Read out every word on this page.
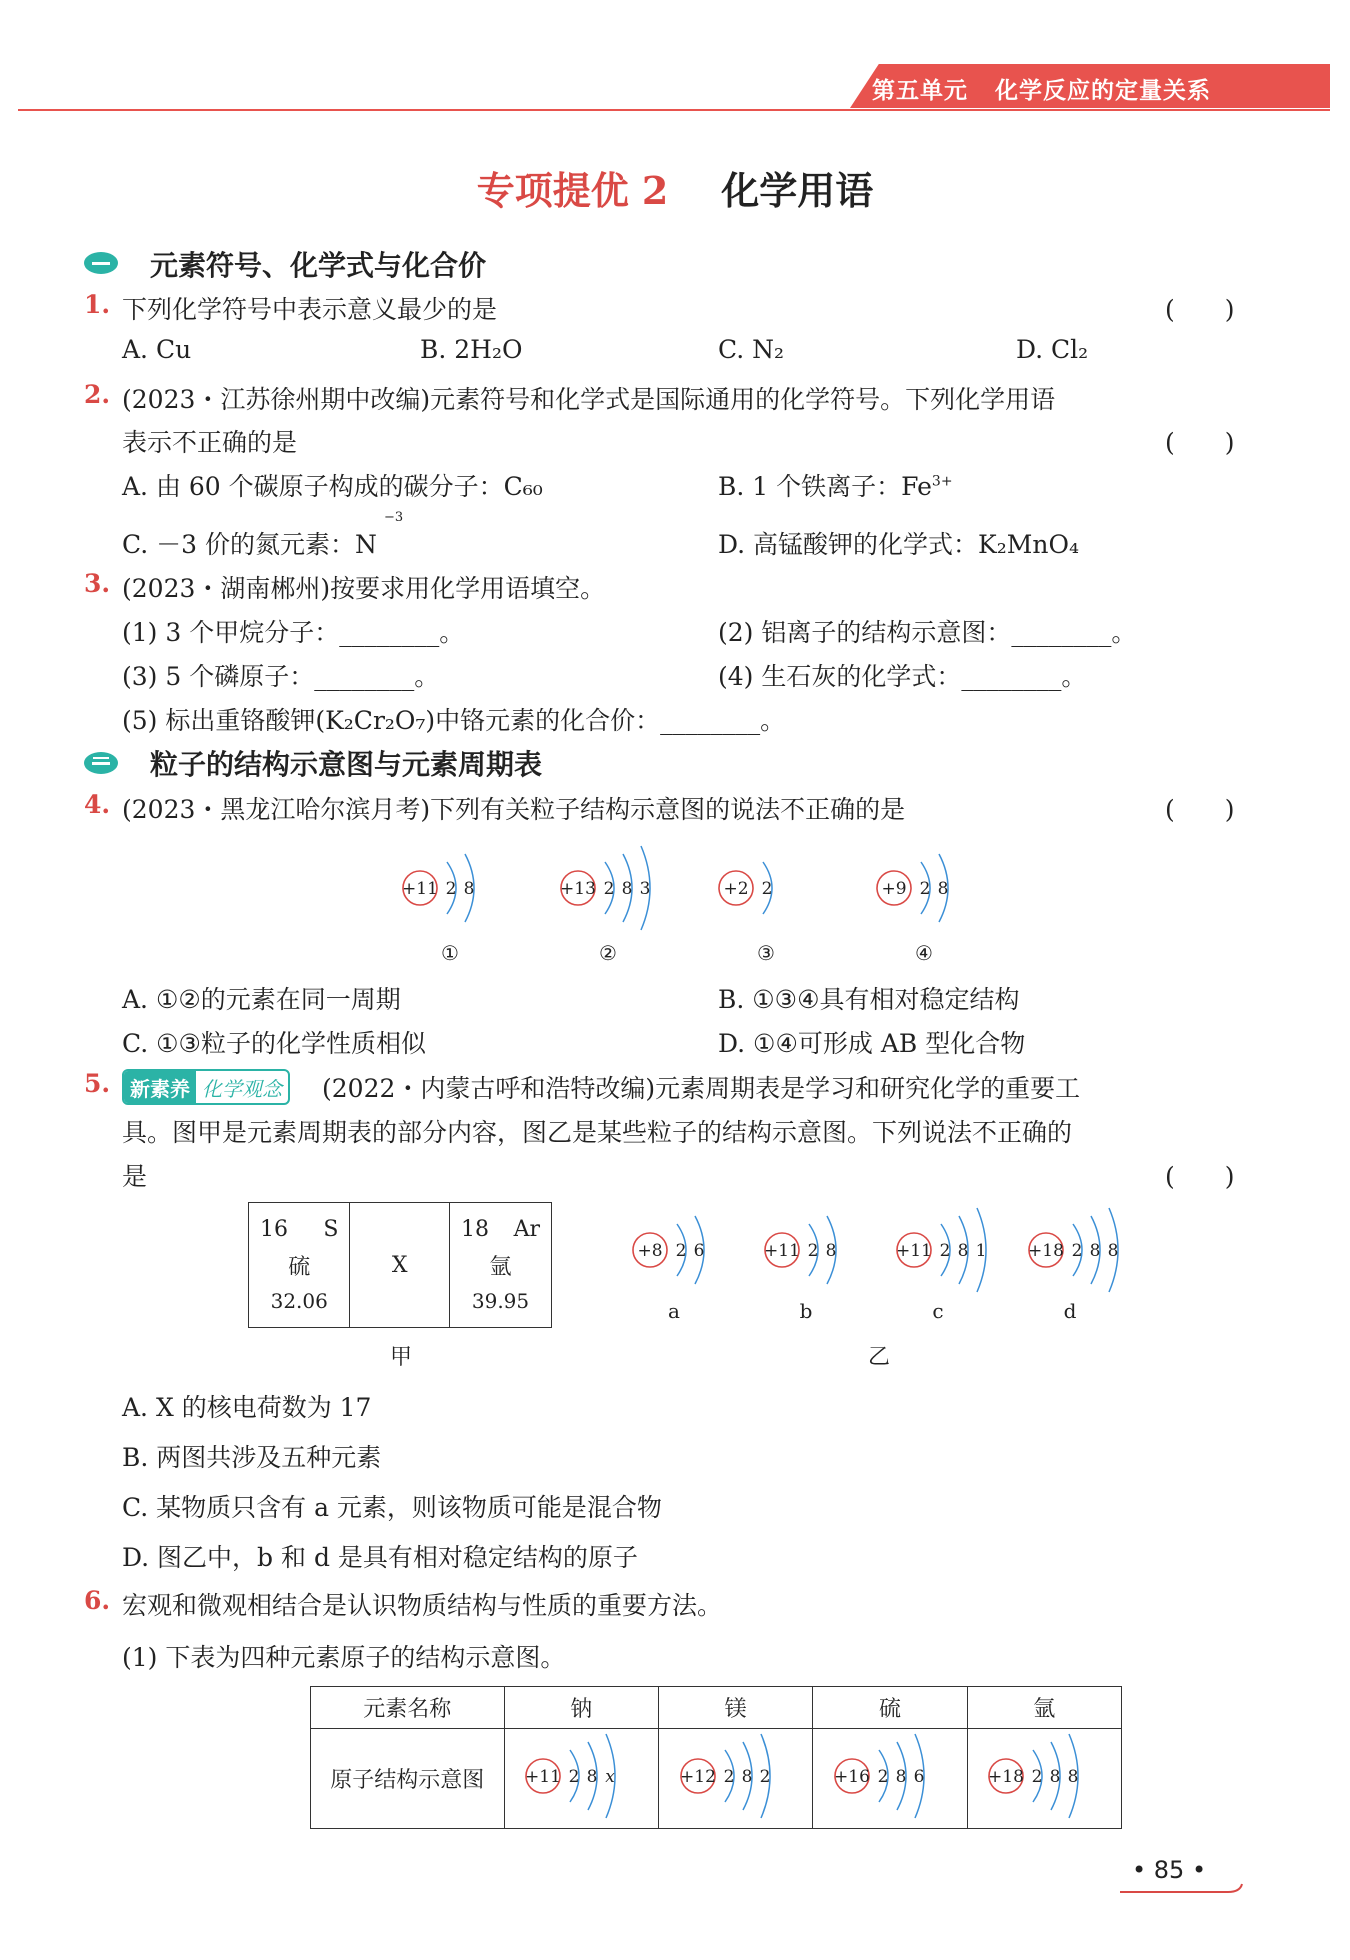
第五单元 化学反应的定量关系
专项提优 2 化学用语
元素符号、化学式与化合价
1. 下列化学符号中表示意义最少的是	(　　)
A. Cu	B. 2H₂O	C. N₂	D. Cl₂
2. (2023・江苏徐州期中改编)元素符号和化学式是国际通用的化学符号。下列化学用语
表示不正确的是	(　　)
A. 由 60 个碳原子构成的碳分子：C₆₀	B. 1 个铁离子：$Fe^{3+}$
C. －3 价的氮元素：N
−3
D. 高锰酸钾的化学式：K₂MnO₄
3. (2023・湖南郴州)按要求用化学用语填空。
(1) 3 个甲烷分子：________。	(2) 铝离子的结构示意图：________。
(3) 5 个磷原子：________。	(4) 生石灰的化学式：________。
(5) 标出重铬酸钾(K₂Cr₂O₇)中铬元素的化合价：________。
粒子的结构示意图与元素周期表
4. (2023・黑龙江哈尔滨月考)下列有关粒子结构示意图的说法不正确的是	(　　)
+11 2 8
①
+13 2 8 3
②
+2 2
③
+9 2 8
④
A. ①②的元素在同一周期	B. ①③④具有相对稳定结构
C. ①③粒子的化学性质相似	D. ①④可形成 AB 型化合物
5. 新素养 化学观念	(2022・内蒙古呼和浩特改编)元素周期表是学习和研究化学的重要工
具。图甲是元素周期表的部分内容，图乙是某些粒子的结构示意图。下列说法不正确的
是	(　　)
16 S
硫
32.06
	X	
18 Ar
氩
39.95
甲
+8 2 6
a
+11 2 8
b
+11 2 8 1
c
+18 2 8 8
d
乙
A. X 的核电荷数为 17
B. 两图共涉及五种元素
C. 某物质只含有 a 元素，则该物质可能是混合物
D. 图乙中，b 和 d 是具有相对稳定结构的原子
6. 宏观和微观相结合是认识物质结构与性质的重要方法。
(1) 下表为四种元素原子的结构示意图。
元素名称	钠	镁	硫	氩
原子结构示意图	+11 2 8 x	+12 2 8 2	+16 2 8 6	+18 2 8 8
• 85 •
